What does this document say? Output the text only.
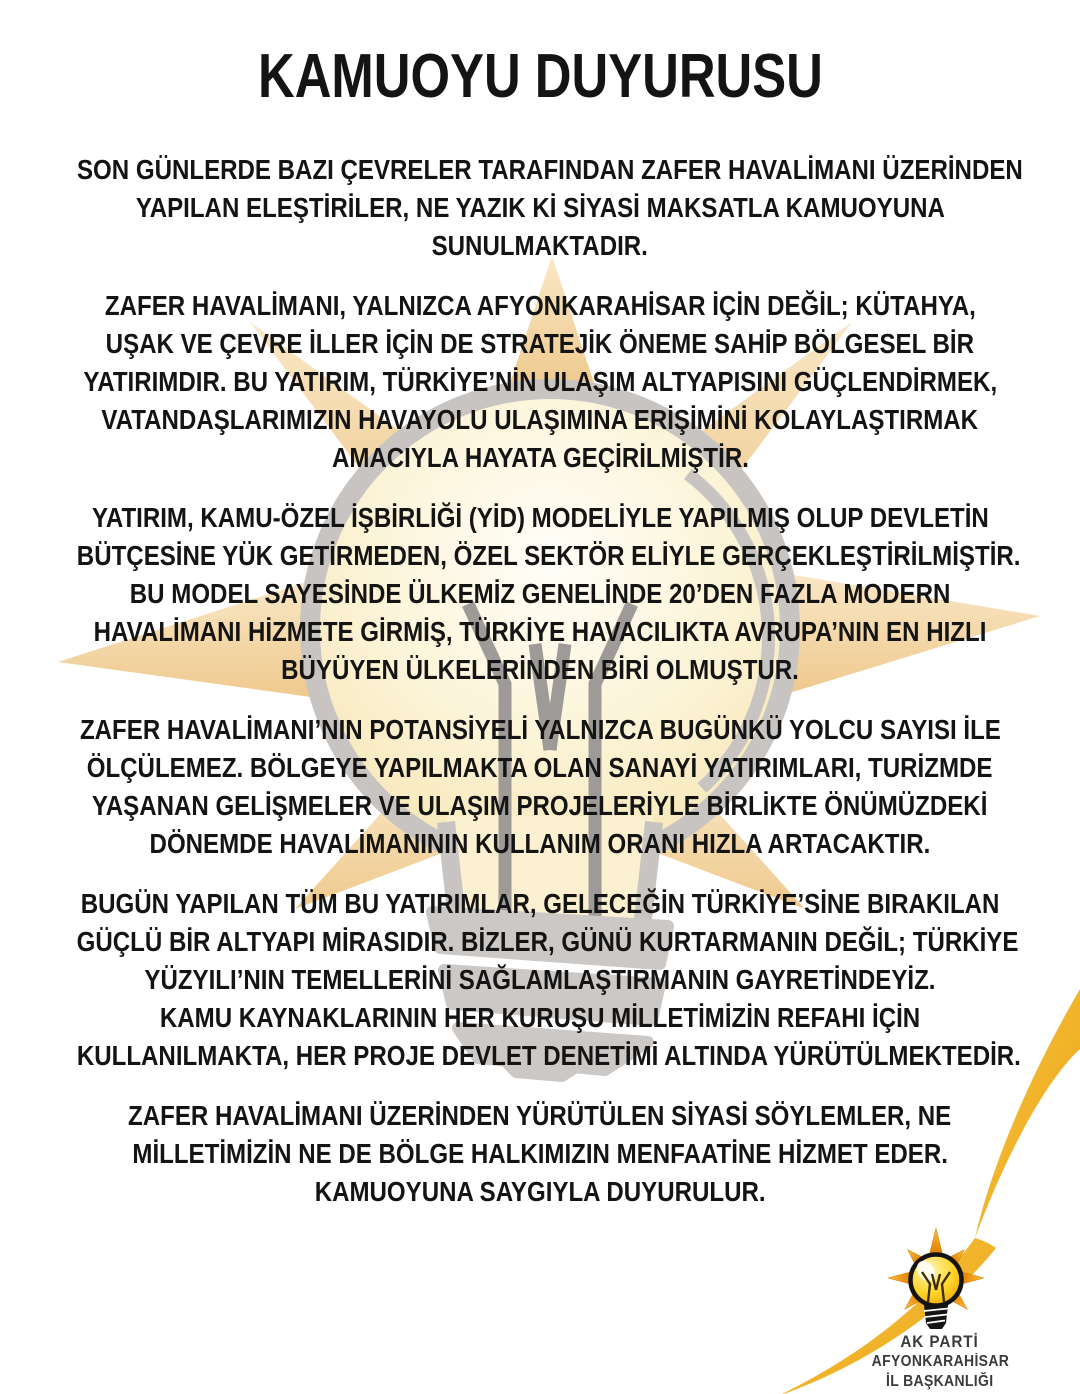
KAMUOYU DUYURUSU
SON GÜNLERDE BAZI ÇEVRELER TARAFINDAN ZAFER HAVALİMANI ÜZERİNDEN
YAPILAN ELEŞTİRİLER, NE YAZIK Kİ SİYASİ MAKSATLA KAMUOYUNA
SUNULMAKTADIR.
ZAFER HAVALİMANI, YALNIZCA AFYONKARAHİSAR İÇİN DEĞİL; KÜTAHYA,
UŞAK VE ÇEVRE İLLER İÇİN DE STRATEJİK ÖNEME SAHİP BÖLGESEL BİR
YATIRIMDIR. BU YATIRIM, TÜRKİYE’NİN ULAŞIM ALTYAPISINI GÜÇLENDİRMEK,
VATANDAŞLARIMIZIN HAVAYOLU ULAŞIMINA ERİŞİMİNİ KOLAYLAŞTIRMAK
AMACIYLA HAYATA GEÇİRİLMİŞTİR.
YATIRIM, KAMU-ÖZEL İŞBİRLİĞİ (YİD) MODELİYLE YAPILMIŞ OLUP DEVLETİN
BÜTÇESİNE YÜK GETİRMEDEN, ÖZEL SEKTÖR ELİYLE GERÇEKLEŞTİRİLMİŞTİR.
BU MODEL SAYESİNDE ÜLKEMİZ GENELİNDE 20’DEN FAZLA MODERN
HAVALİMANI HİZMETE GİRMİŞ, TÜRKİYE HAVACILIKTA AVRUPA’NIN EN HIZLI
BÜYÜYEN ÜLKELERİNDEN BİRİ OLMUŞTUR.
ZAFER HAVALİMANI’NIN POTANSİYELİ YALNIZCA BUGÜNKÜ YOLCU SAYISI İLE
ÖLÇÜLEMEZ. BÖLGEYE YAPILMAKTA OLAN SANAYİ YATIRIMLARI, TURİZMDE
YAŞANAN GELİŞMELER VE ULAŞIM PROJELERİYLE BİRLİKTE ÖNÜMÜZDEKİ
DÖNEMDE HAVALİMANININ KULLANIM ORANI HIZLA ARTACAKTIR.
BUGÜN YAPILAN TÜM BU YATIRIMLAR, GELECEĞİN TÜRKİYE’SİNE BIRAKILAN
GÜÇLÜ BİR ALTYAPI MİRASIDIR. BİZLER, GÜNÜ KURTARMANIN DEĞİL; TÜRKİYE
YÜZYILI’NIN TEMELLERİNİ SAĞLAMLAŞTIRMANIN GAYRETİNDEYİZ.
KAMU KAYNAKLARININ HER KURUŞU MİLLETİMİZİN REFAHI İÇİN
KULLANILMAKTA, HER PROJE DEVLET DENETİMİ ALTINDA YÜRÜTÜLMEKTEDİR.
ZAFER HAVALİMANI ÜZERİNDEN YÜRÜTÜLEN SİYASİ SÖYLEMLER, NE
MİLLETİMİZİN NE DE BÖLGE HALKIMIZIN MENFAATİNE HİZMET EDER.
KAMUOYUNA SAYGIYLA DUYURULUR.
AK PARTİ
AFYONKARAHİSAR
İL BAŞKANLIĞI
